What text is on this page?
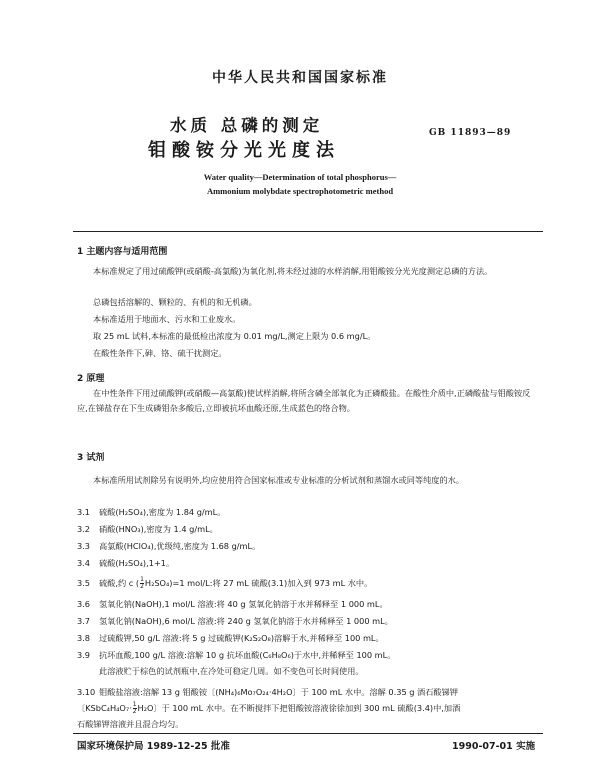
中华人民共和国国家标准
水质 总磷的测定
钼酸铵分光光度法
GB 11893—89
Water quality—Determination of total phosphorus—
Ammonium molybdate spectrophotometric method
1 主题内容与适用范围
本标准规定了用过硫酸钾(或硝酸-高氯酸)为氧化剂,将未经过滤的水样消解,用钼酸铵分光光度测定总磷的方法。
总磷包括溶解的、颗粒的、有机的和无机磷。
本标准适用于地面水、污水和工业废水。
取 25 mL 试料,本标准的最低检出浓度为 0.01 mg/L,测定上限为 0.6 mg/L。
在酸性条件下,砷、铬、硫干扰测定。
2 原理
在中性条件下用过硫酸钾(或硝酸—高氯酸)使试样消解,将所含磷全部氧化为正磷酸盐。在酸性介质中,正磷酸盐与钼酸铵反应,在锑盐存在下生成磷钼杂多酸后,立即被抗坏血酸还原,生成蓝色的络合物。
3 试剂
本标准所用试剂除另有说明外,均应使用符合国家标准或专业标准的分析试剂和蒸馏水或同等纯度的水。
3.1 硫酸(H₂SO₄),密度为 1.84 g/mL。
3.2 硝酸(HNO₃),密度为 1.4 g/mL。
3.3 高氯酸(HClO₄),优级纯,密度为 1.68 g/mL。
3.4 硫酸(H₂SO₄),1+1。
3.5 硫酸,约 c ( $\frac{1}{2} H_2SO_4)=1$ mol/L:将 27 mL 硫酸(3.1)加入到 973 mL 水中。
3.6 氢氧化钠(NaOH),1 mol/L 溶液:将 40 g 氢氧化钠溶于水并稀释至 1 000 mL。
3.7 氢氧化钠(NaOH),6 mol/L 溶液:将 240 g 氢氧化钠溶于水并稀释至 1 000 mL。
3.8 过硫酸钾,50 g/L 溶液:将 5 g 过硫酸钾(K₂S₂O₈)溶解于水,并稀释至 100 mL。
3.9 抗坏血酸,100 g/L 溶液:溶解 10 g 抗坏血酸(C₆H₈O₆)于水中,并稀释至 100 mL。
此溶液贮于棕色的试剂瓶中,在冷处可稳定几周。如不变色可长时间使用。
3.10 钼酸盐溶液:溶解 13 g 钼酸铵〔(NH₄)₆Mo₇O₂₄·4H₂O〕于 100 mL 水中。溶解 0.35 g 酒石酸锑钾
〔KSbC₄H₄O₇· $\frac{1}{2} H_2O$〕于 100 mL 水中。在不断搅拌下把钼酸铵溶液徐徐加到 300 mL 硫酸(3.4)中,加酒
石酸锑钾溶液并且混合均匀。
国家环境保护局 1989-12-25 批准	1990-07-01 实施
